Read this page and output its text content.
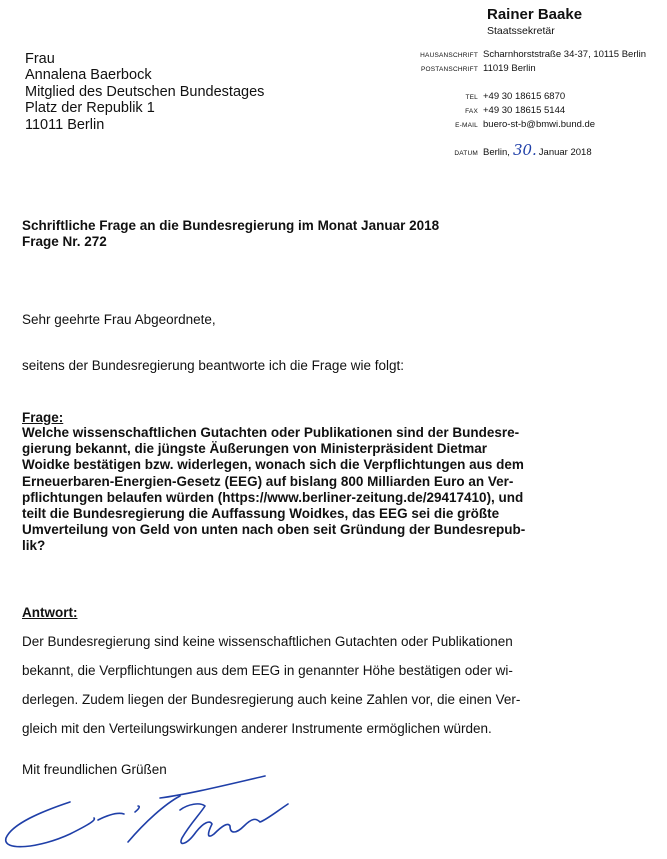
Rainer Baake
Staatssekretär
Frau
Annalena Baerbock
Mitglied des Deutschen Bundestages
Platz der Republik 1
11011 Berlin
HAUSANSCHRIFT Scharnhorststraße 34-37, 10115 Berlin
POSTANSCHRIFT 11019 Berlin
TEL +49 30 18615 6870
FAX +49 30 18615 5144
E-MAIL buero-st-b@bmwi.bund.de
DATUM Berlin, 30. Januar 2018
Schriftliche Frage an die Bundesregierung im Monat Januar 2018
Frage Nr. 272
Sehr geehrte Frau Abgeordnete,
seitens der Bundesregierung beantworte ich die Frage wie folgt:
Frage:
Welche wissenschaftlichen Gutachten oder Publikationen sind der Bundesre-
gierung bekannt, die jüngste Äußerungen von Ministerpräsident Dietmar
Woidke bestätigen bzw. widerlegen, wonach sich die Verpflichtungen aus dem
Erneuerbaren-Energien-Gesetz (EEG) auf bislang 800 Milliarden Euro an Ver-
pflichtungen belaufen würden (https://www.berliner-zeitung.de/29417410), und
teilt die Bundesregierung die Auffassung Woidkes, das EEG sei die größte
Umverteilung von Geld von unten nach oben seit Gründung der Bundesrepub-
lik?
Antwort:
Der Bundesregierung sind keine wissenschaftlichen Gutachten oder Publikationen
bekannt, die Verpflichtungen aus dem EEG in genannter Höhe bestätigen oder wi-
derlegen. Zudem liegen der Bundesregierung auch keine Zahlen vor, die einen Ver-
gleich mit den Verteilungswirkungen anderer Instrumente ermöglichen würden.
Mit freundlichen Grüßen
